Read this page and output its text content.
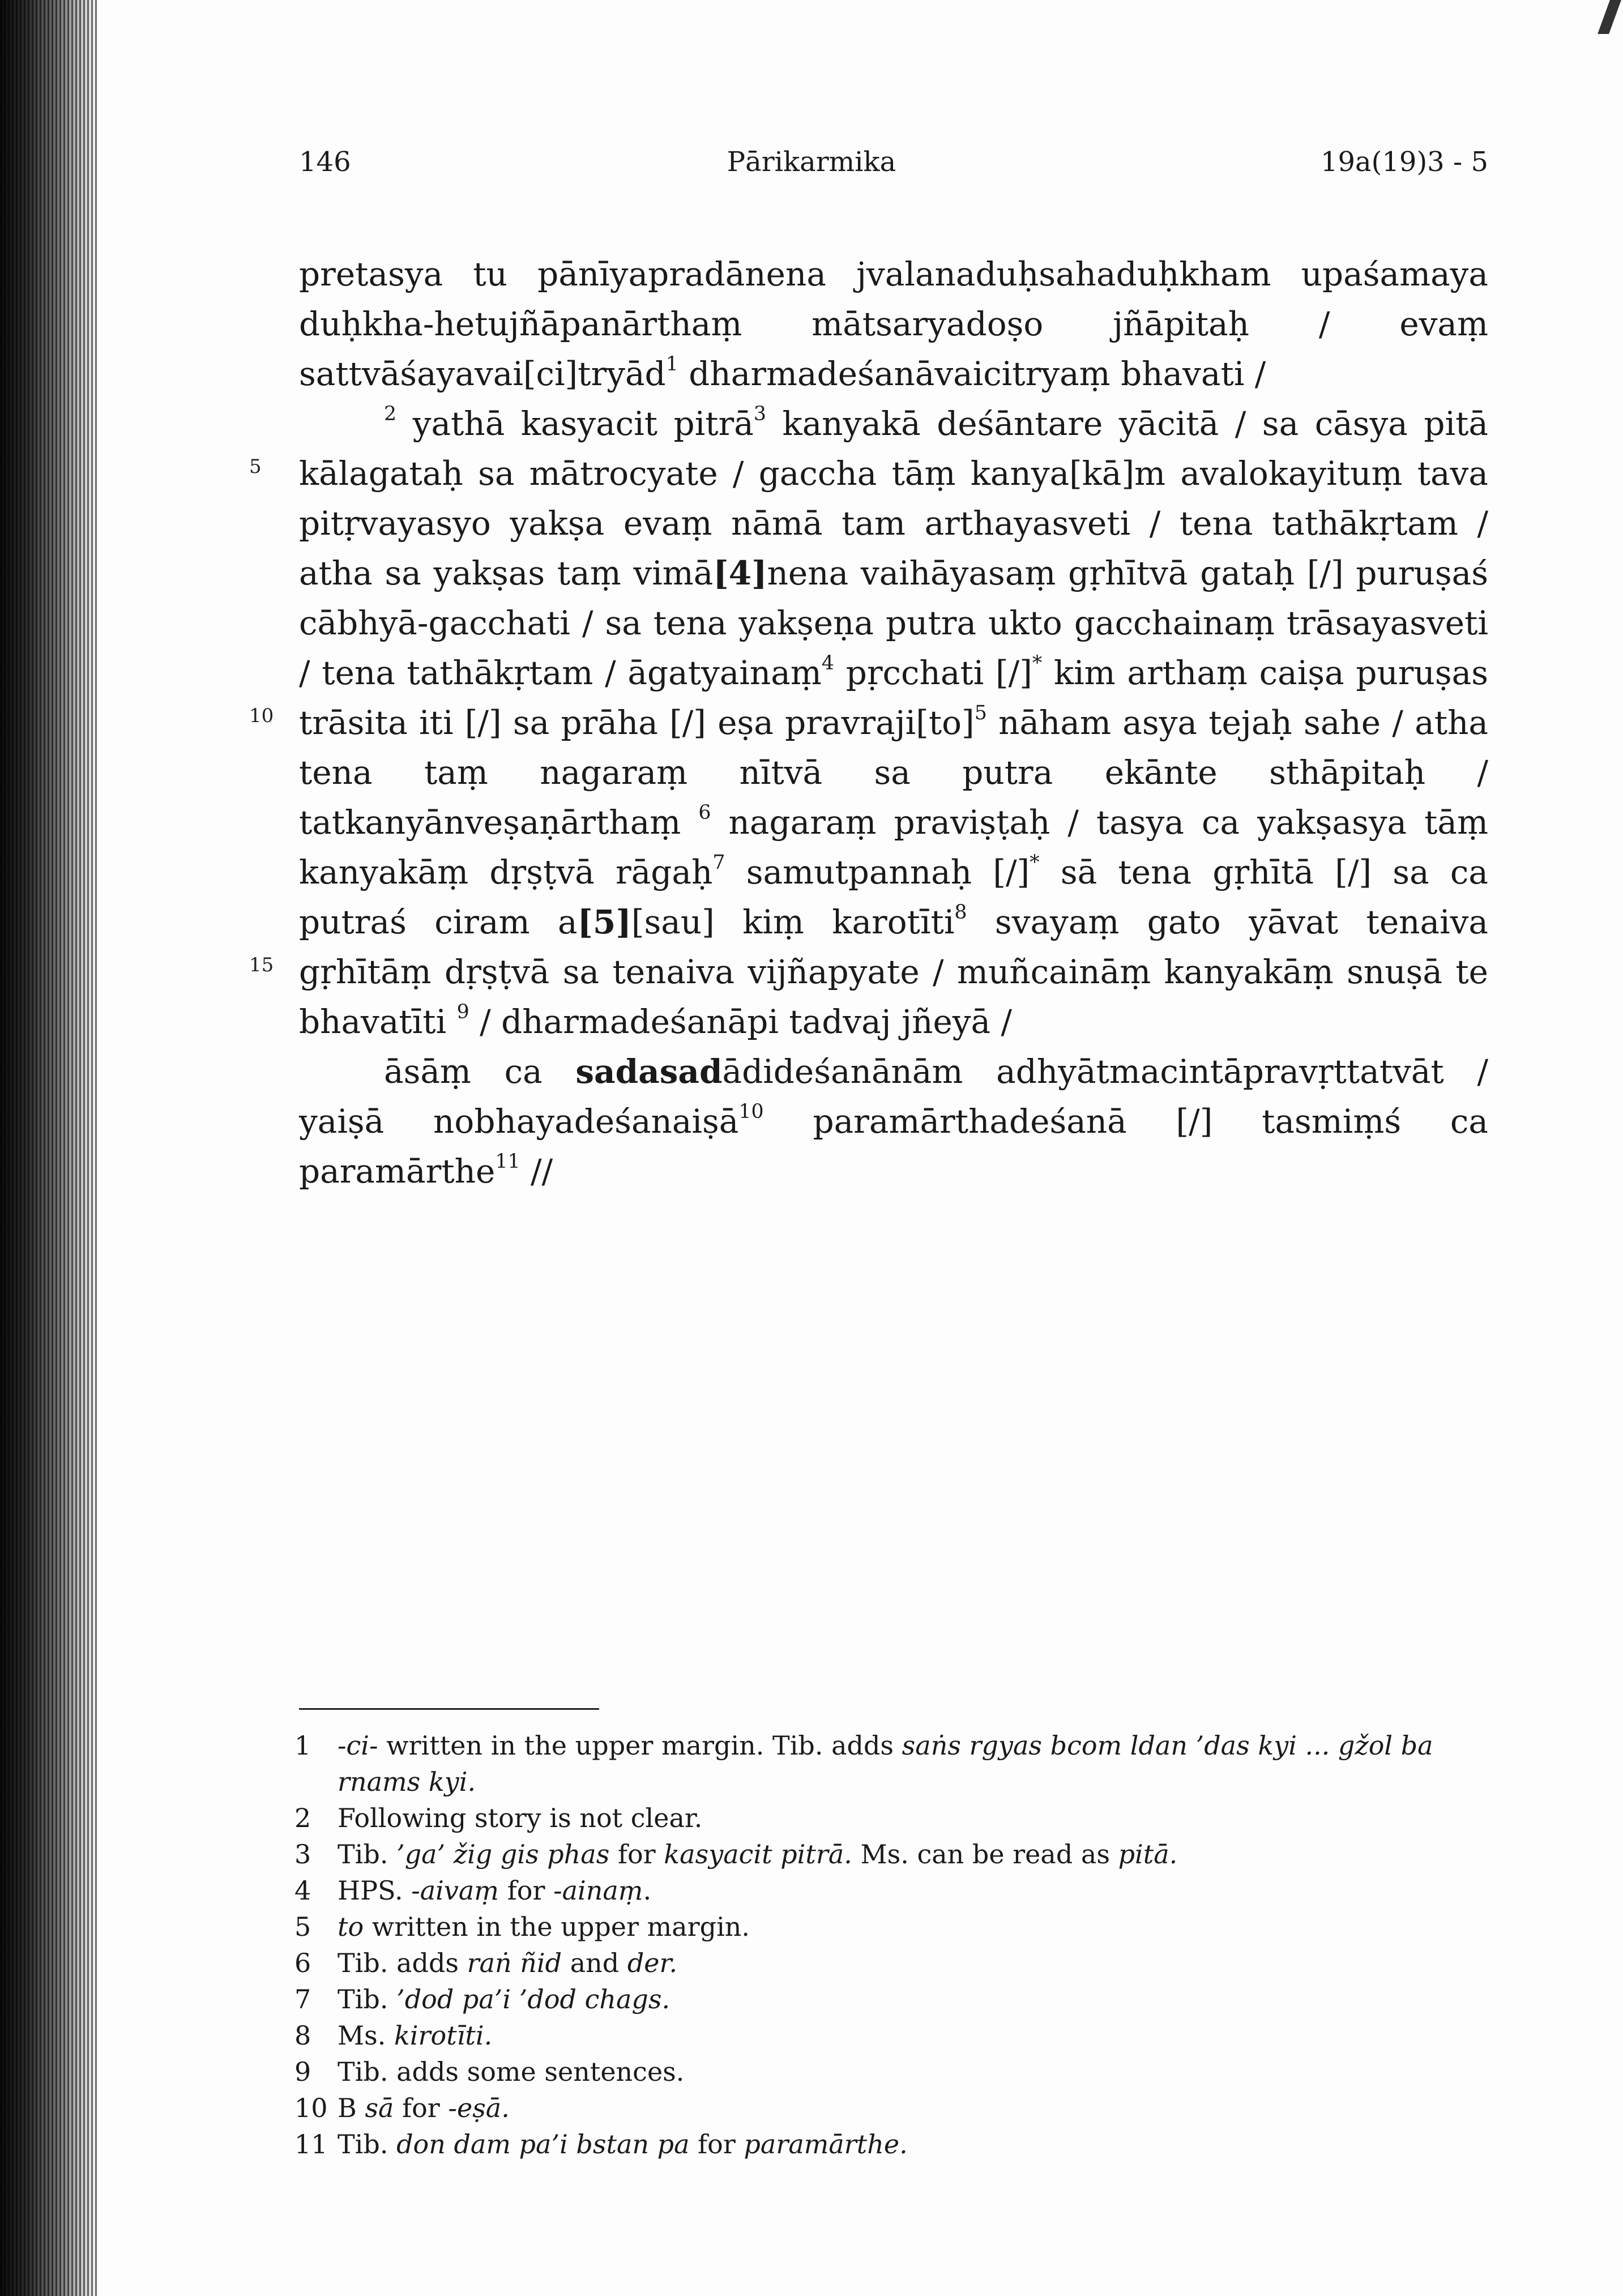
146	Pārikarmika	19a(19)3 - 5
5
10
15

pretasya tu pānīyapradānena jvalanaduḥsahaduḥkham upaśamaya duḥkha-hetujñāpanārthaṃ mātsaryadoṣo jñāpitaḥ / evaṃ sattvāśayavai[ci]tryād$^1$ dharmadeśanāvaicitryaṃ bhavati /

$^2$ yathā kasyacit pitrā$^3$ kanyakā deśāntare yācitā / sa cāsya pitā kālagataḥ sa mātrocyate / gaccha tāṃ kanya[kā]m avalokayituṃ tava pitṛvayasyo yakṣa evaṃ nāmā tam arthayasveti / tena tathākṛtam / atha sa yakṣas taṃ vimā[4]nena vaihāyasaṃ gṛhītvā gataḥ [/] puruṣaś cābhyā-gacchati / sa tena yakṣeṇa putra ukto gacchainaṃ trāsayasveti / tena tathākṛtam / āgatyainaṃ$^4$ pṛcchati [/]* kim arthaṃ caiṣa puruṣas trāsita iti [/] sa prāha [/] eṣa pravraji[to]$^5$ nāham asya tejaḥ sahe / atha tena taṃ nagaraṃ nītvā sa putra ekānte sthāpitaḥ / tatkanyānveṣaṇārthaṃ $^6$ nagaraṃ praviṣṭaḥ / tasya ca yakṣasya tāṃ kanyakāṃ dṛṣṭvā rāgaḥ$^7$ samutpannaḥ [/]* sā tena gṛhītā [/] sa ca putraś ciram a[5][sau] kiṃ karotīti$^8$ svayaṃ gato yāvat tenaiva gṛhītāṃ dṛṣṭvā sa tenaiva vijñapyate / muñcaināṃ kanyakāṃ snuṣā te bhavatīti $^9$ / dharmadeśanāpi tadvaj jñeyā /

āsāṃ ca sadasadādideśanānām adhyātmacintāpravṛttatvāt / yaiṣā nobhayadeśanaiṣā$^{10}$ paramārthadeśanā [/] tasmiṃś ca paramārthe$^{11}$ //

1	-ci- written in the upper margin. Tib. adds saṅs rgyas bcom ldan ’das kyi ... gžol ba rnams kyi.
2	Following story is not clear.
3	Tib. ’ga’ žig gis phas for kasyacit pitrā. Ms. can be read as pitā.
4	HPS. -aivaṃ for -ainaṃ.
5	to written in the upper margin.
6	Tib. adds raṅ ñid and der.
7	Tib. ’dod pa’i ’dod chags.
8	Ms. kirotīti.
9	Tib. adds some sentences.
10 B sā for -eṣā.
11 Tib. don dam pa’i bstan pa for paramārthe.
